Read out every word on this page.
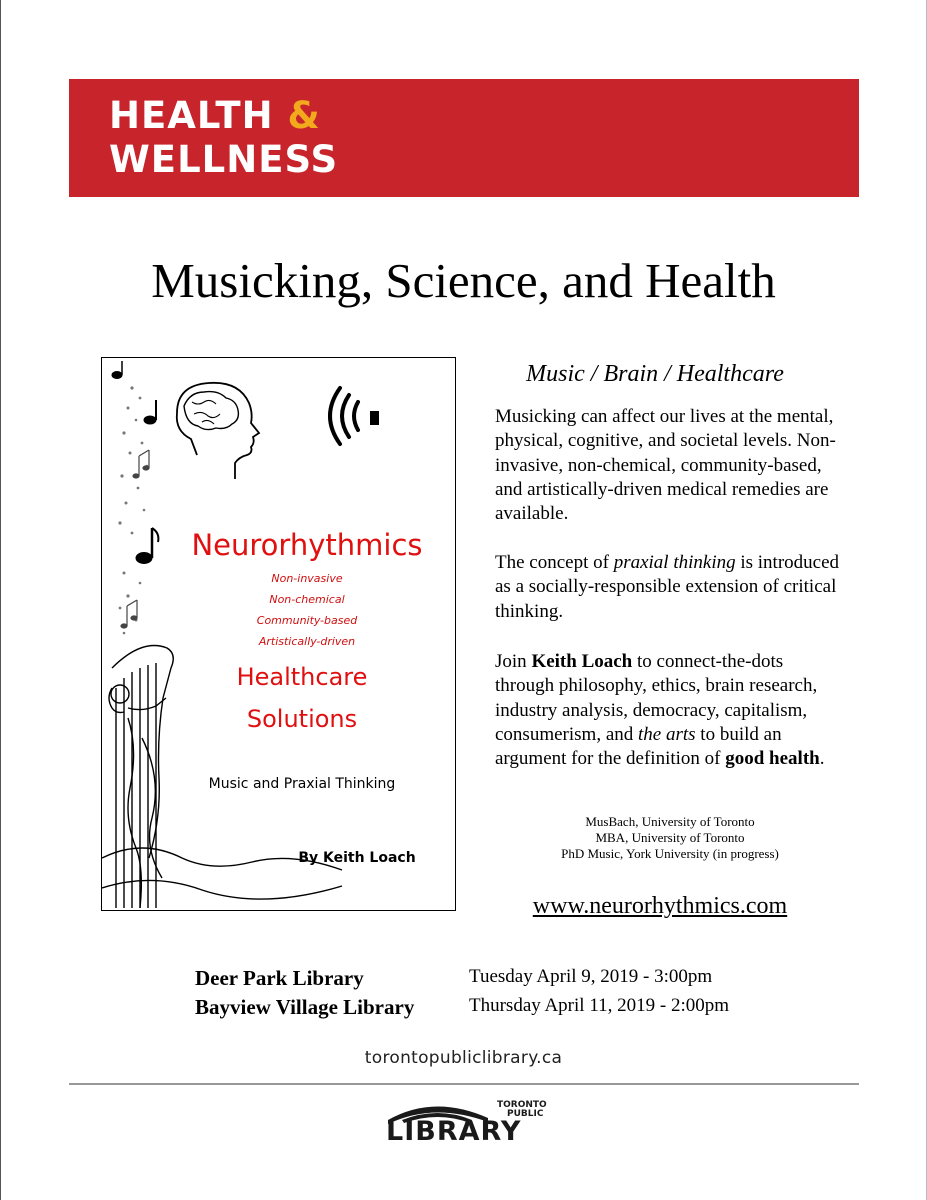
HEALTH &
WELLNESS
Musicking, Science, and Health
Neurorhythmics
Non-invasive
Non-chemical
Community-based
Artistically-driven
Healthcare
Solutions
Music and Praxial Thinking
By Keith Loach
Music / Brain / Healthcare

Musicking can affect our lives at the mental, physical, cognitive, and societal levels. Non-invasive, non-chemical, community-based, and artistically-driven medical remedies are available.

The concept of praxial thinking is introduced as a socially-responsible extension of critical thinking.

Join Keith Loach to connect-the-dots through philosophy, ethics, brain research, industry analysis, democracy, capitalism, consumerism, and the arts to build an argument for the definition of good health.

MusBach, University of Toronto
MBA, University of Toronto
PhD Music, York University (in progress)
www.neurorhythmics.com
Deer Park Library	Tuesday April 9, 2019 - 3:00pm
Bayview Village Library	Thursday April 11, 2019 - 2:00pm
torontopubliclibrary.ca
TORONTO
PUBLIC
LIBRARY
